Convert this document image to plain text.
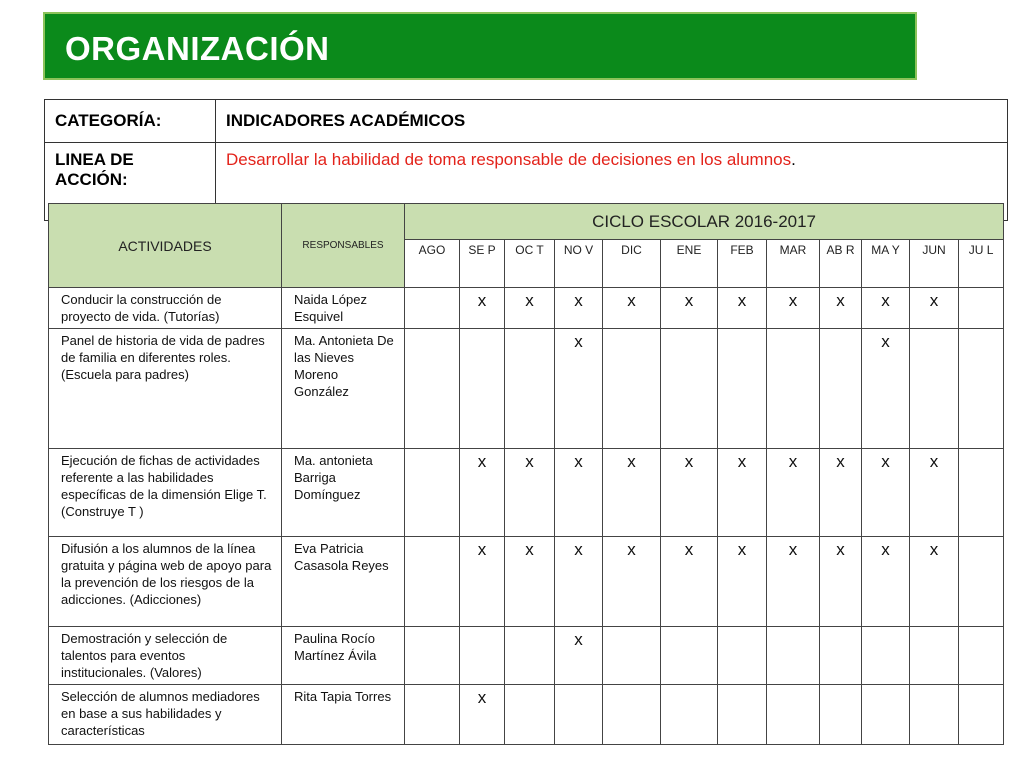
ORGANIZACIÓN
CATEGORÍA:	INDICADORES ACADÉMICOS
LINEA DE ACCIÓN:	Desarrollar la habilidad de toma responsable de decisiones en los alumnos.
ACTIVIDADES	RESPONSABLES	CICLO ESCOLAR 2016-2017											
		AGO	SE P	OC T	NO V	DIC	ENE	FEB	MAR	AB R	MA Y	JUN	JU L
Conducir la construcción de proyecto de vida. (Tutorías)	Naida López Esquivel		x	x	x	x	x	x	x	x	x	x	
Panel de historia de vida de padres de familia en diferentes roles. (Escuela para padres)	Ma. Antonieta De las Nieves Moreno González				x						x		
Ejecución de fichas de actividades referente a las habilidades específicas de la dimensión Elige T. (Construye T )	Ma. antonieta Barriga Domínguez		x	x	x	x	x	x	x	x	x	x	
Difusión a los alumnos de la línea gratuita y página web de apoyo para la prevención de los riesgos de la adicciones. (Adicciones)	Eva Patricia Casasola Reyes		x	x	x	x	x	x	x	x	x	x	
Demostración y selección de talentos para eventos institucionales. (Valores)	Paulina Rocío Martínez Ávila				x								
Selección de alumnos mediadores en base a sus habilidades y características	Rita Tapia Torres		x										
